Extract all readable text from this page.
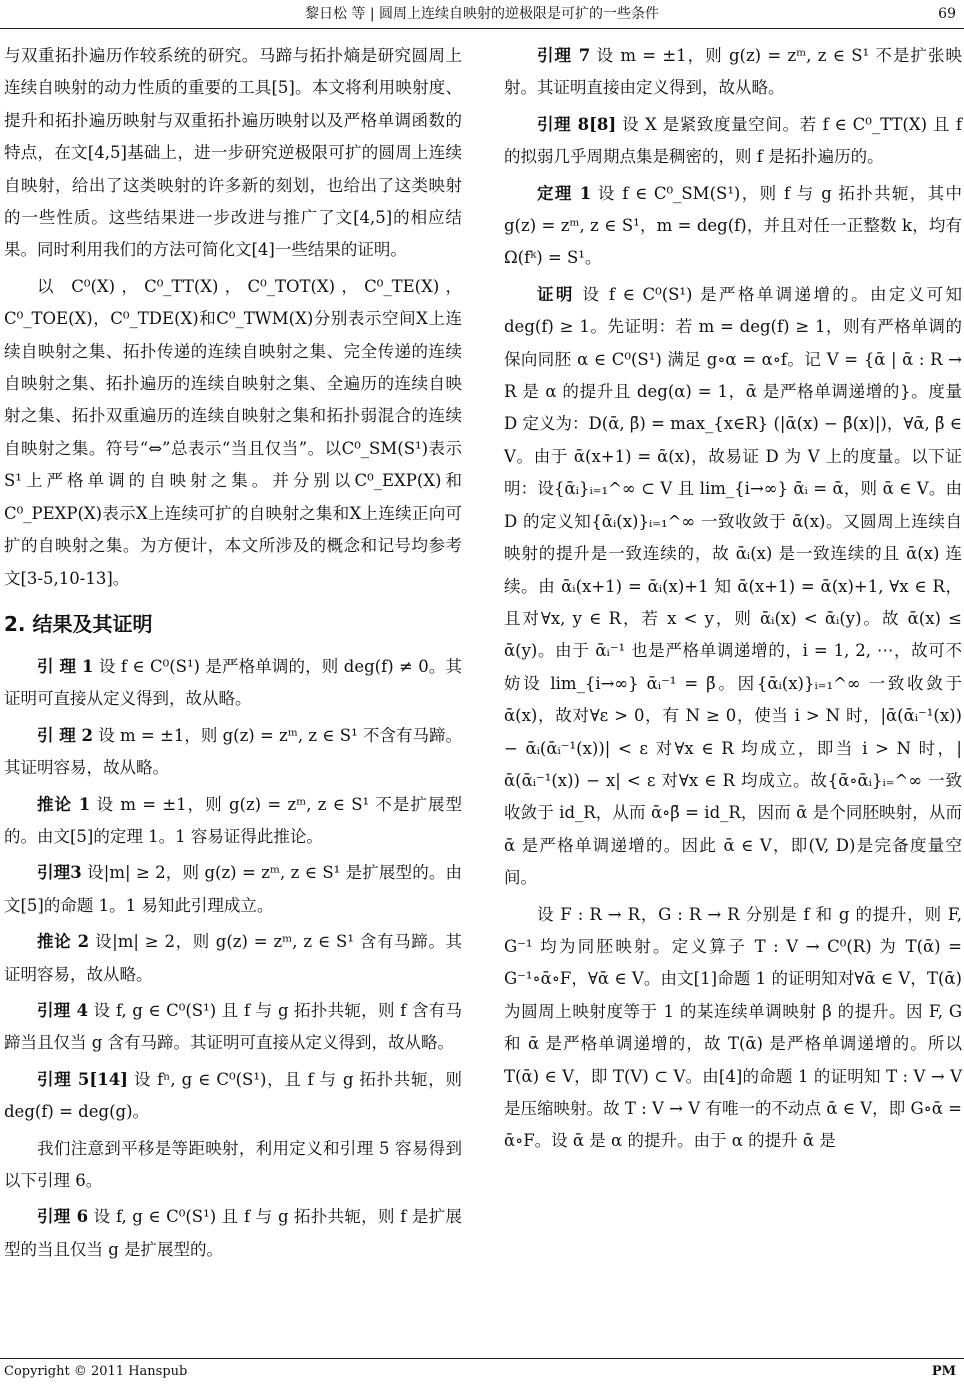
黎日松 等 | 圆周上连续自映射的逆极限是可扩的一些条件	69

与双重拓扑遍历作较系统的研究。马蹄与拓扑熵是研究圆周上连续自映射的动力性质的重要的工具[5]。本文将利用映射度、提升和拓扑遍历映射与双重拓扑遍历映射以及严格单调函数的特点，在文[4,5]基础上，进一步研究逆极限可扩的圆周上连续自映射，给出了这类映射的许多新的刻划，也给出了这类映射的一些性质。这些结果进一步改进与推广了文[4,5]的相应结果。同时利用我们的方法可简化文[4]一些结果的证明。

以 C⁰(X)，C⁰_TT(X)，C⁰_TOT(X)，C⁰_TE(X)，C⁰_TOE(X)，C⁰_TDE(X)和C⁰_TWM(X)分别表示空间X上连续自映射之集、拓扑传递的连续自映射之集、完全传递的连续自映射之集、拓扑遍历的连续自映射之集、全遍历的连续自映射之集、拓扑双重遍历的连续自映射之集和拓扑弱混合的连续自映射之集。符号“⇔”总表示“当且仅当”。以C⁰_SM(S¹)表示S¹上严格单调的自映射之集。并分别以C⁰_EXP(X)和C⁰_PEXP(X)表示X上连续可扩的自映射之集和X上连续正向可扩的自映射之集。为方便计，本文所涉及的概念和记号均参考文[3-5,10-13]。

2. 结果及其证明

引 理 1 设 f ∈ C⁰(S¹) 是严格单调的，则 deg(f) ≠ 0。其证明可直接从定义得到，故从略。

引 理 2 设 m = ±1，则 g(z) = zᵐ, z ∈ S¹ 不含有马蹄。其证明容易，故从略。

推论 1 设 m = ±1，则 g(z) = zᵐ, z ∈ S¹ 不是扩展型的。由文[5]的定理 1。1 容易证得此推论。

引理3 设|m| ≥ 2，则 g(z) = zᵐ, z ∈ S¹ 是扩展型的。由文[5]的命题 1。1 易知此引理成立。

推论 2 设|m| ≥ 2，则 g(z) = zᵐ, z ∈ S¹ 含有马蹄。其证明容易，故从略。

引理 4 设 f, g ∈ C⁰(S¹) 且 f 与 g 拓扑共轭，则 f 含有马蹄当且仅当 g 含有马蹄。其证明可直接从定义得到，故从略。

引理 5[14] 设 fⁿ, g ∈ C⁰(S¹)，且 f 与 g 拓扑共轭，则 deg(f) = deg(g)。

我们注意到平移是等距映射，利用定义和引理 5 容易得到以下引理 6。

引理 6 设 f, g ∈ C⁰(S¹) 且 f 与 g 拓扑共轭，则 f 是扩展型的当且仅当 g 是扩展型的。

引理 7 设 m = ±1，则 g(z) = zᵐ, z ∈ S¹ 不是扩张映射。其证明直接由定义得到，故从略。

引理 8[8] 设 X 是紧致度量空间。若 f ∈ C⁰_TT(X) 且 f 的拟弱几乎周期点集是稠密的，则 f 是拓扑遍历的。

定理 1 设 f ∈ C⁰_SM(S¹)，则 f 与 g 拓扑共轭，其中 g(z) = zᵐ, z ∈ S¹，m = deg(f)，并且对任一正整数 k，均有 Ω(fᵏ) = S¹。

证明 设 f ∈ C⁰(S¹) 是严格单调递增的。由定义可知 deg(f) ≥ 1。先证明：若 m = deg(f) ≥ 1，则有严格单调的保向同胚 α ∈ C⁰(S¹) 满足 g∘α = α∘f。记 V = {ᾱ | ᾱ : R → R 是 α 的提升且 deg(α) = 1，ᾱ 是严格单调递增的}。度量 D 定义为：D(ᾱ, β̄) = max_{x∈R} (|ᾱ(x) − β̄(x)|)，∀ᾱ, β̄ ∈ V。由于 ᾱ(x+1) = ᾱ(x)，故易证 D 为 V 上的度量。以下证明：设{ᾱᵢ}ᵢ₌₁^∞ ⊂ V 且 lim_{i→∞} ᾱᵢ = ᾱ，则 ᾱ ∈ V。由 D 的定义知{ᾱᵢ(x)}ᵢ₌₁^∞ 一致收敛于 ᾱ(x)。又圆周上连续自映射的提升是一致连续的，故 ᾱᵢ(x) 是一致连续的且 ᾱ(x) 连续。由 ᾱᵢ(x+1) = ᾱᵢ(x)+1 知 ᾱ(x+1) = ᾱ(x)+1, ∀x ∈ R，且对∀x, y ∈ R，若 x < y，则 ᾱᵢ(x) < ᾱᵢ(y)。故 ᾱ(x) ≤ ᾱ(y)。由于 ᾱᵢ⁻¹ 也是严格单调递增的，i = 1, 2, ⋯，故可不妨设 lim_{i→∞} ᾱᵢ⁻¹ = β̄。因{ᾱᵢ(x)}ᵢ₌₁^∞ 一致收敛于 ᾱ(x)，故对∀ε > 0，有 N ≥ 0，使当 i > N 时，|ᾱ(ᾱᵢ⁻¹(x)) − ᾱᵢ(ᾱᵢ⁻¹(x))| < ε 对∀x ∈ R 均成立，即当 i > N 时，|ᾱ(ᾱᵢ⁻¹(x)) − x| < ε 对∀x ∈ R 均成立。故{ᾱ∘ᾱᵢ}ᵢ₌^∞ 一致收敛于 id_R，从而 ᾱ∘β̄ = id_R，因而 ᾱ 是个同胚映射，从而 ᾱ 是严格单调递增的。因此 ᾱ ∈ V，即(V, D)是完备度量空间。

设 F : R → R，G : R → R 分别是 f 和 g 的提升，则 F, G⁻¹ 均为同胚映射。定义算子 T : V → C⁰(R) 为 T(ᾱ) = G⁻¹∘ᾱ∘F，∀ᾱ ∈ V。由文[1]命题 1 的证明知对∀ᾱ ∈ V，T(ᾱ) 为圆周上映射度等于 1 的某连续单调映射 β 的提升。因 F, G 和 ᾱ 是严格单调递增的，故 T(ᾱ) 是严格单调递增的。所以 T(ᾱ) ∈ V，即 T(V) ⊂ V。由[4]的命题 1 的证明知 T : V → V 是压缩映射。故 T : V → V 有唯一的不动点 ᾱ ∈ V，即 G∘ᾱ = ᾱ∘F。设 ᾱ 是 α 的提升。由于 α 的提升 ᾱ 是

Copyright © 2011 Hanspub	PM
